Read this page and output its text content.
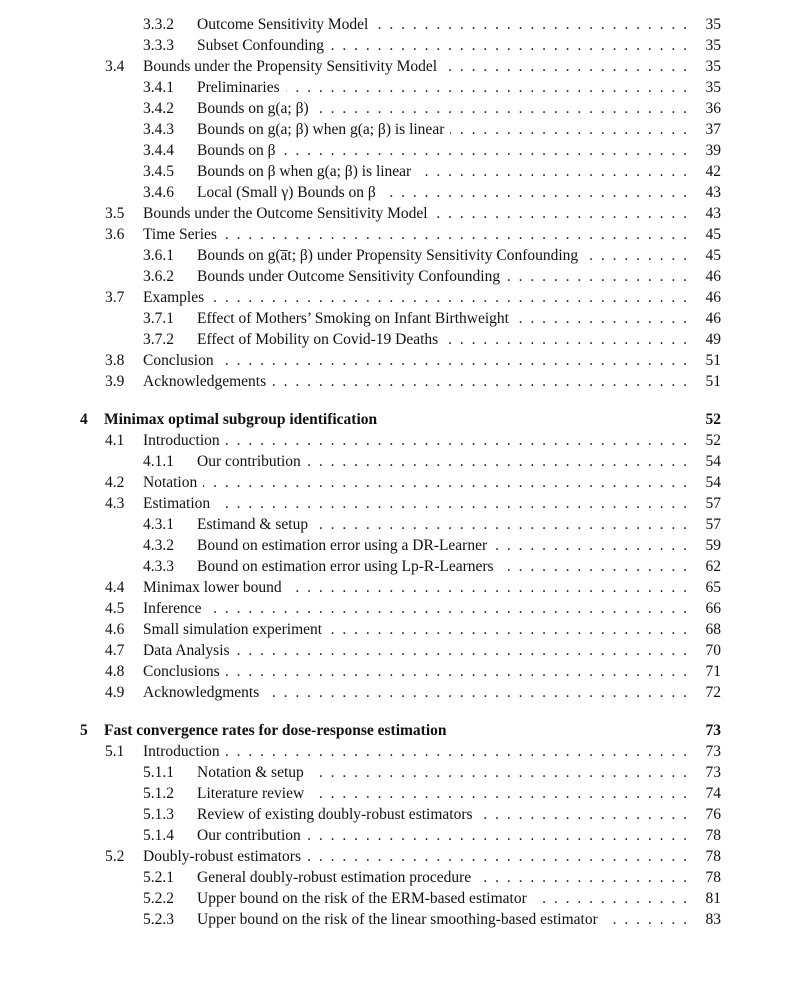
3.3.2 . . . Outcome Sensitivity Model	35
3.3.3 . . . Subset Confounding	35
3.4 . . . Bounds under the Propensity Sensitivity Model	35
3.4.1 . . . Preliminaries	35
3.4.2 . . . Bounds on g(a; β)	36
3.4.3 . . . Bounds on g(a; β) when g(a; β) is linear	37
3.4.4 . . . Bounds on β	39
3.4.5 . . . Bounds on β when g(a; β) is linear	42
3.4.6 . . . Local (Small γ) Bounds on β	43
3.5 . . . Bounds under the Outcome Sensitivity Model	43
3.6 . . . Time Series	45
3.6.1 . . . Bounds on g(a̅t; β) under Propensity Sensitivity Confounding	45
3.6.2 . . . Bounds under Outcome Sensitivity Confounding	46
3.7 . . . Examples	46
3.7.1 . . . Effect of Mothers’ Smoking on Infant Birthweight	46
3.7.2 . . . Effect of Mobility on Covid-19 Deaths	49
3.8 . . . Conclusion	51
3.9 . . . Acknowledgements	51
4 Minimax optimal subgroup identification	52
4.1 . . . Introduction	52
4.1.1 . . . Our contribution	54
4.2 . . . Notation	54
4.3 . . . Estimation	57
4.3.1 . . . Estimand & setup	57
4.3.2 . . . Bound on estimation error using a DR-Learner	59
4.3.3 . . . Bound on estimation error using Lp-R-Learners	62
4.4 . . . Minimax lower bound	65
4.5 . . . Inference	66
4.6 . . . Small simulation experiment	68
4.7 . . . Data Analysis	70
4.8 . . . Conclusions	71
4.9 . . . Acknowledgments	72
5 Fast convergence rates for dose-response estimation	73
5.1 . . . Introduction	73
5.1.1 . . . Notation & setup	73
5.1.2 . . . Literature review	74
5.1.3 . . . Review of existing doubly-robust estimators	76
5.1.4 . . . Our contribution	78
5.2 . . . Doubly-robust estimators	78
5.2.1 . . . General doubly-robust estimation procedure	78
5.2.2 . . . Upper bound on the risk of the ERM-based estimator	81
5.2.3 . . . Upper bound on the risk of the linear smoothing-based estimator	83
